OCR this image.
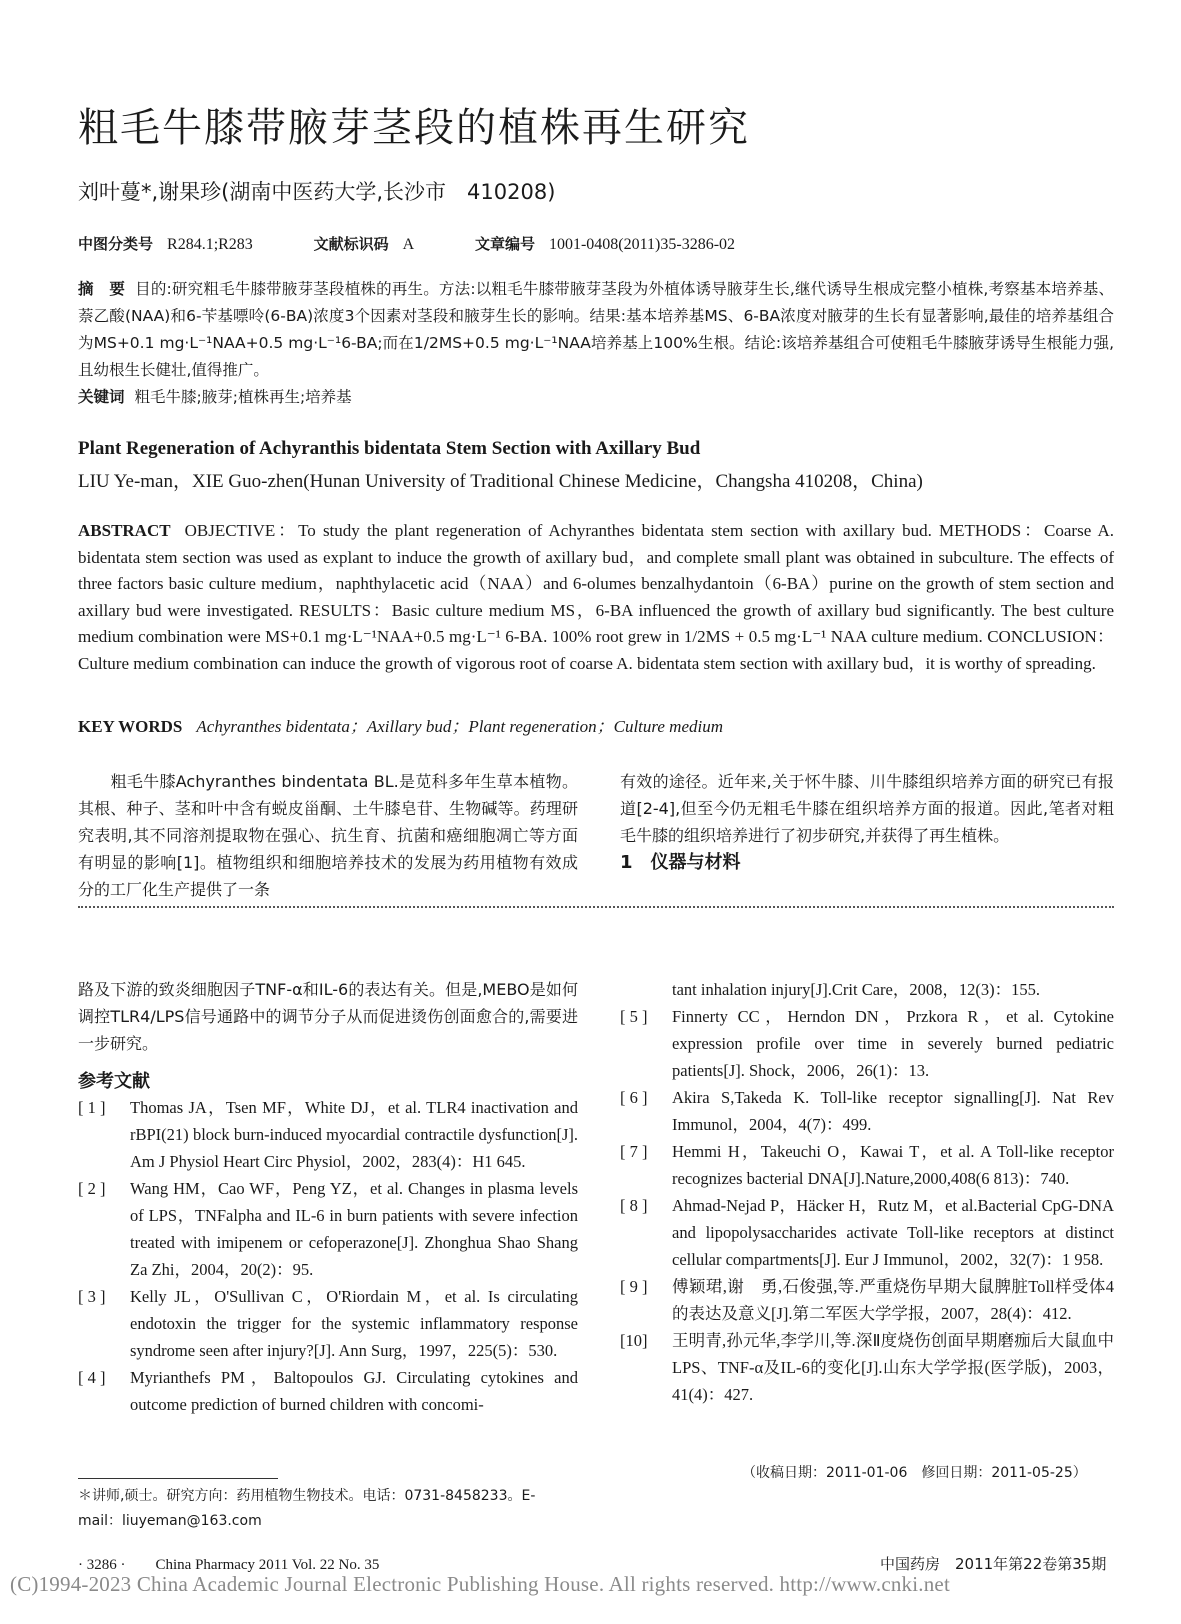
粗毛牛膝带腋芽茎段的植株再生研究
刘叶蔓*,谢果珍(湖南中医药大学,长沙市　410208)
中图分类号 R284.1;R283	文献标识码 A	文章编号 1001-0408(2011)35-3286-02
摘　要 目的:研究粗毛牛膝带腋芽茎段植株的再生。方法:以粗毛牛膝带腋芽茎段为外植体诱导腋芽生长,继代诱导生根成完整小植株,考察基本培养基、萘乙酸(NAA)和6-苄基嘌呤(6-BA)浓度3个因素对茎段和腋芽生长的影响。结果:基本培养基MS、6-BA浓度对腋芽的生长有显著影响,最佳的培养基组合为MS+0.1 mg·L⁻¹NAA+0.5 mg·L⁻¹6-BA;而在1/2MS+0.5 mg·L⁻¹NAA培养基上100%生根。结论:该培养基组合可使粗毛牛膝腋芽诱导生根能力强,且幼根生长健壮,值得推广。
关键词 粗毛牛膝;腋芽;植株再生;培养基
Plant Regeneration of Achyranthis bidentata Stem Section with Axillary Bud
LIU Ye-man，XIE Guo-zhen(Hunan University of Traditional Chinese Medicine，Changsha 410208，China)
ABSTRACT OBJECTIVE：To study the plant regeneration of Achyranthes bidentata stem section with axillary bud. METHODS：Coarse A. bidentata stem section was used as explant to induce the growth of axillary bud，and complete small plant was obtained in subculture. The effects of three factors basic culture medium，naphthylacetic acid（NAA）and 6-olumes benzalhydantoin（6-BA）purine on the growth of stem section and axillary bud were investigated. RESULTS：Basic culture medium MS，6-BA influenced the growth of axillary bud significantly. The best culture medium combination were MS+0.1 mg·L⁻¹NAA+0.5 mg·L⁻¹ 6-BA. 100% root grew in 1/2MS + 0.5 mg·L⁻¹ NAA culture medium. CONCLUSION：Culture medium combination can induce the growth of vigorous root of coarse A. bidentata stem section with axillary bud，it is worthy of spreading.
KEY WORDS Achyranthes bidentata；Axillary bud；Plant regeneration；Culture medium
　　粗毛牛膝Achyranthes bindentata BL.是苋科多年生草本植物。其根、种子、茎和叶中含有蜕皮甾酮、土牛膝皂苷、生物碱等。药理研究表明,其不同溶剂提取物在强心、抗生育、抗菌和癌细胞凋亡等方面有明显的影响[1]。植物组织和细胞培养技术的发展为药用植物有效成分的工厂化生产提供了一条
有效的途径。近年来,关于怀牛膝、川牛膝组织培养方面的研究已有报道[2-4],但至今仍无粗毛牛膝在组织培养方面的报道。因此,笔者对粗毛牛膝的组织培养进行了初步研究,并获得了再生植株。
1　仪器与材料
路及下游的致炎细胞因子TNF-α和IL-6的表达有关。但是,MEBO是如何调控TLR4/LPS信号通路中的调节分子从而促进烫伤创面愈合的,需要进一步研究。
参考文献
[ 1 ] Thomas JA，Tsen MF，White DJ，et al. TLR4 inactivation and rBPI(21) block burn-induced myocardial contractile dysfunction[J]. Am J Physiol Heart Circ Physiol，2002，283(4)：H1 645.
[ 2 ] Wang HM，Cao WF，Peng YZ，et al. Changes in plasma levels of LPS，TNFalpha and IL-6 in burn patients with severe infection treated with imipenem or cefoperazone[J]. Zhonghua Shao Shang Za Zhi，2004，20(2)：95.
[ 3 ] Kelly JL，O'Sullivan C，O'Riordain M，et al. Is circulating endotoxin the trigger for the systemic inflammatory response syndrome seen after injury?[J]. Ann Surg，1997，225(5)：530.
[ 4 ] Myrianthefs PM，Baltopoulos GJ. Circulating cytokines and outcome prediction of burned children with concomi-
tant inhalation injury[J].Crit Care，2008，12(3)：155.
[ 5 ] Finnerty CC，Herndon DN，Przkora R，et al. Cytokine expression profile over time in severely burned pediatric patients[J]. Shock，2006，26(1)：13.
[ 6 ] Akira S,Takeda K. Toll-like receptor signalling[J]. Nat Rev Immunol，2004，4(7)：499.
[ 7 ] Hemmi H，Takeuchi O，Kawai T，et al. A Toll-like receptor recognizes bacterial DNA[J].Nature,2000,408(6 813)：740.
[ 8 ] Ahmad-Nejad P，Häcker H，Rutz M，et al.Bacterial CpG-DNA and lipopolysaccharides activate Toll-like receptors at distinct cellular compartments[J]. Eur J Immunol，2002，32(7)：1 958.
[ 9 ] 傅颖珺,谢　勇,石俊强,等.严重烧伤早期大鼠脾脏Toll样受体4的表达及意义[J].第二军医大学学报，2007，28(4)：412.
[10] 王明青,孙元华,李学川,等.深Ⅱ度烧伤创面早期磨痂后大鼠血中LPS、TNF-α及IL-6的变化[J].山东大学学报(医学版)，2003，41(4)：427.
（收稿日期：2011-01-06　修回日期：2011-05-25）
＊讲师,硕士。研究方向：药用植物生物技术。电话：0731-8458233。E-mail：liuyeman@163.com
· 3286 ·　　China Pharmacy 2011 Vol. 22 No. 35	中国药房　2011年第22卷第35期
(C)1994-2023 China Academic Journal Electronic Publishing House. All rights reserved. http://www.cnki.net
